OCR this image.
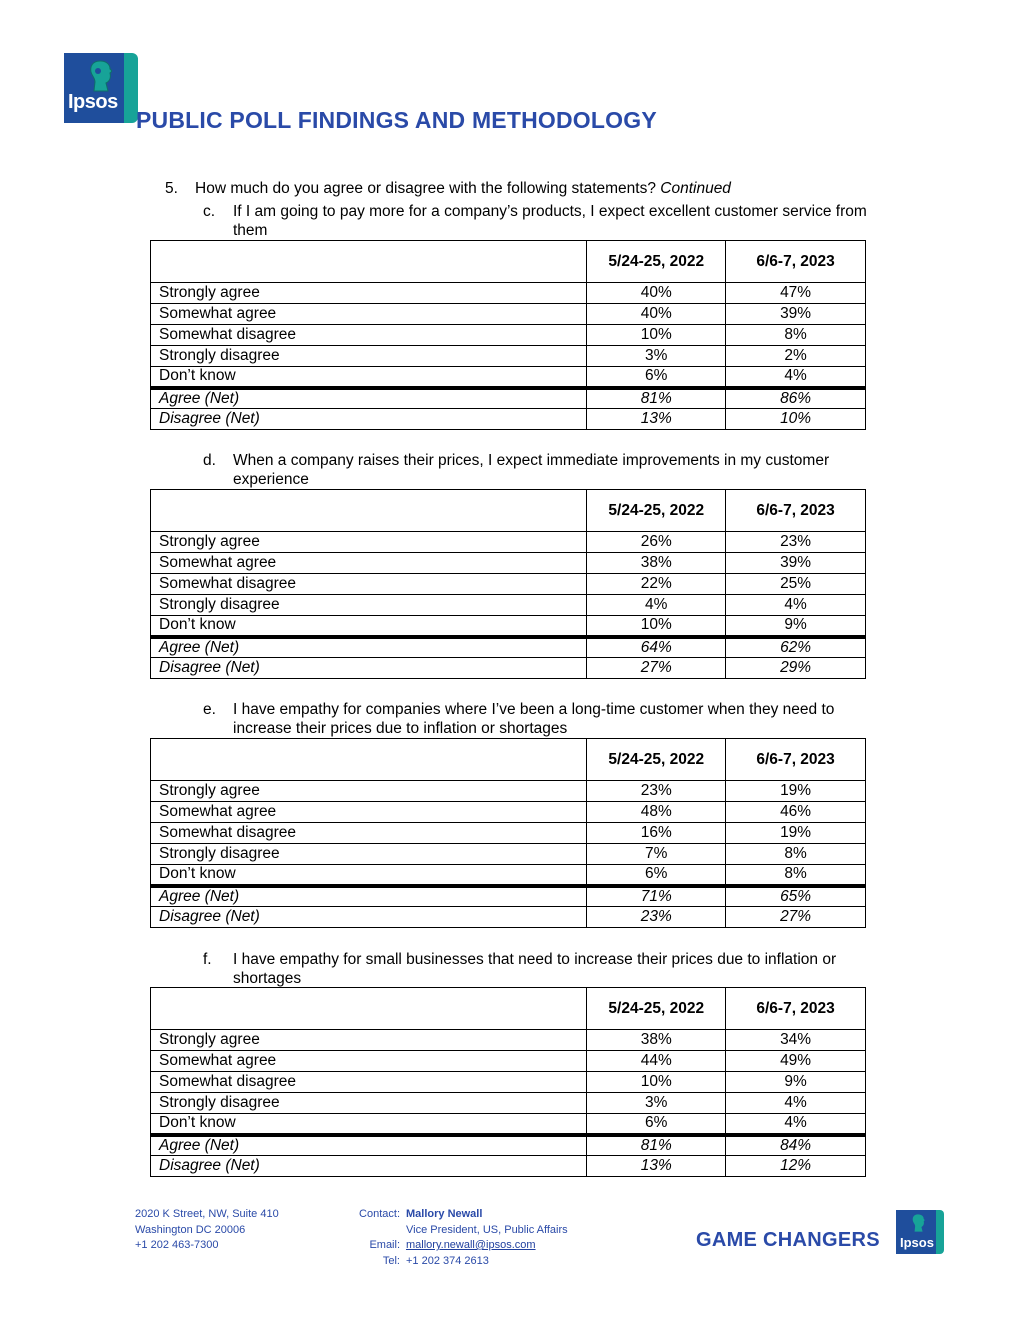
Ipsos
PUBLIC POLL FINDINGS AND METHODOLOGY
5. How much do you agree or disagree with the following statements? Continued
c. If I am going to pay more for a company’s products, I expect excellent customer service from them
	5/24-25, 2022	6/6-7, 2023
Strongly agree	40%	47%
Somewhat agree	40%	39%
Somewhat disagree	10%	8%
Strongly disagree	3%	2%
Don’t know	6%	4%
Agree (Net)	81%	86%
Disagree (Net)	13%	10%
d. When a company raises their prices, I expect immediate improvements in my customer experience
	5/24-25, 2022	6/6-7, 2023
Strongly agree	26%	23%
Somewhat agree	38%	39%
Somewhat disagree	22%	25%
Strongly disagree	4%	4%
Don’t know	10%	9%
Agree (Net)	64%	62%
Disagree (Net)	27%	29%
e. I have empathy for companies where I’ve been a long-time customer when they need to increase their prices due to inflation or shortages
	5/24-25, 2022	6/6-7, 2023
Strongly agree	23%	19%
Somewhat agree	48%	46%
Somewhat disagree	16%	19%
Strongly disagree	7%	8%
Don’t know	6%	8%
Agree (Net)	71%	65%
Disagree (Net)	23%	27%
f. I have empathy for small businesses that need to increase their prices due to inflation or shortages
	5/24-25, 2022	6/6-7, 2023
Strongly agree	38%	34%
Somewhat agree	44%	49%
Somewhat disagree	10%	9%
Strongly disagree	3%	4%
Don’t know	6%	4%
Agree (Net)	81%	84%
Disagree (Net)	13%	12%
2020 K Street, NW, Suite 410
Washington DC 20006
+1 202 463-7300
Contact:

Email:
Tel:
Mallory Newall
Vice President, US, Public Affairs
mallory.newall@ipsos.com
+1 202 374 2613
GAME CHANGERS Ipsos
